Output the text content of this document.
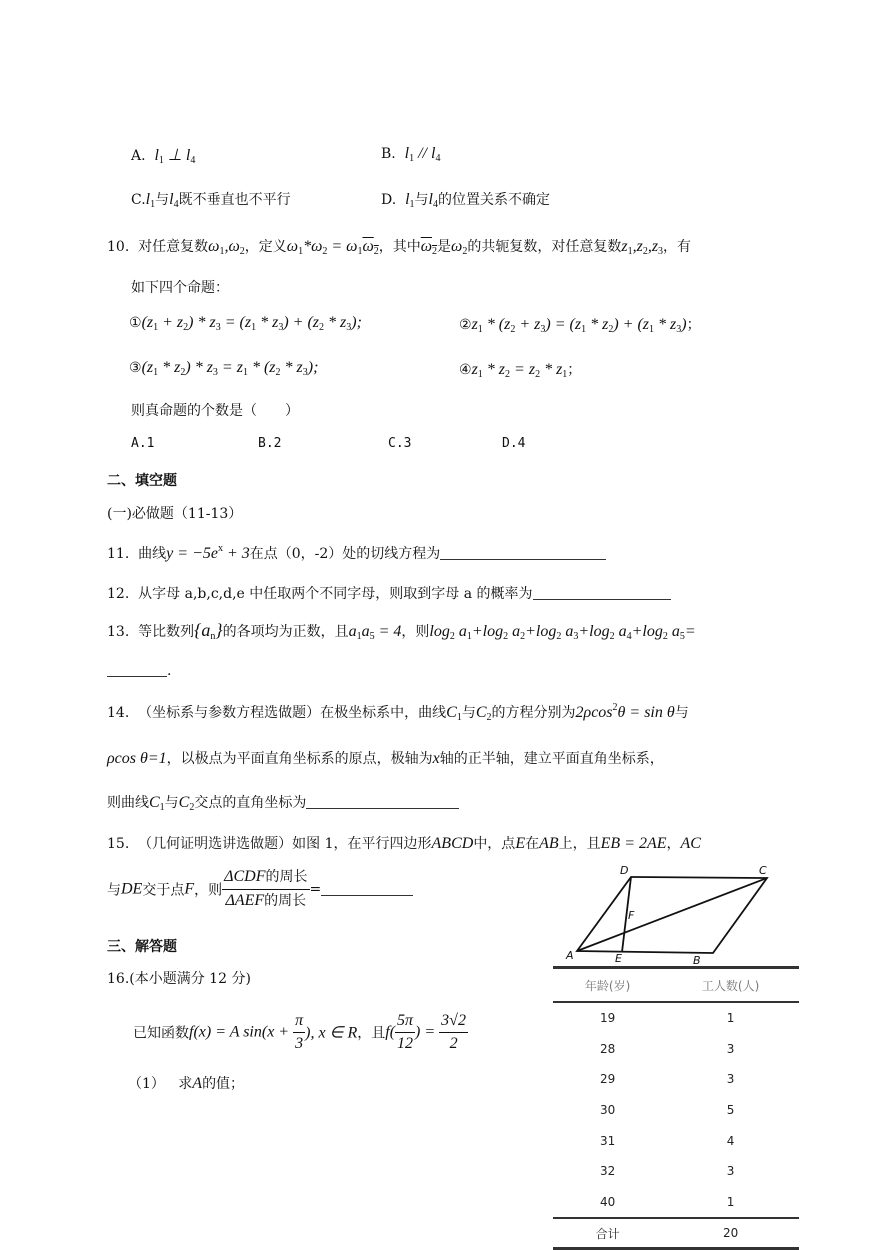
A. $l_1$ ⊥ $l_4$	B. $l_1 // l_4$
$C.l_1$与$l_4$既不垂直也不平行	D. $l_1$与$l_4$的位置关系不确定
10. 对任意复数$\omega_1,\omega_2$，定义$\omega_1*\omega_2 = \omega_1\omega_2$，其中$\omega_2$是$\omega_2$的共轭复数，对任意复数$z_1,z_2,z_3$，有
如下四个命题：
$①(z_1 + z_2) * z_3 = (z_1 * z_3) + (z_2 * z_3)$;	$②z_1 * (z_2 + z_3) = (z_1 * z_2) + (z_1 * z_3)$；
$③(z_1 * z_2) * z_3 = z_1 * (z_2 * z_3)$;	$④z_1 * z_2 = z_2 * z_1$；
则真命题的个数是（　　）
A.1	B.2	C.3	D.4
二、填空题
(一)必做题（11-13）
11. 曲线$y = -5e^x + 3$在点（0，-2）处的切线方程为
12. 从字母 a,b,c,d,e 中任取两个不同字母，则取到字母 a 的概率为
13. 等比数列$\{a_n\}$的各项均为正数，且$a_1a_5 = 4$，则$\log_2 a_1+\log_2$ $a_2+\log_2$ $a_3+\log_2$ $a_4+\log_2$ $a_5=$
.
14. （坐标系与参数方程选做题）在极坐标系中，曲线$C_1$与$C_2$的方程分别为2ρcos$^2$θ = sin θ与
ρcos θ=1，以极点为平面直角坐标系的原点，极轴为x轴的正半轴，建立平面直角坐标系，
则曲线$C_1$与$C_2$交点的直角坐标为
15. （几何证明选讲选做题）如图 1，在平行四边形ABCD中，点E在AB上，且EB = 2AE，AC
与DE交于点F，则 $\frac{\text{ΔCDF的周长}}{\text{ΔAEF的周长}}$ =
三、解答题
16.(本小题满分 12 分)
已知函数f(x) = A $\sin(x + \frac{\pi}{3}$ ), x ∈ R，且$f( \frac{5\pi}{12}$ ) = $\frac{3√2}{2}$
（1） 求A的值；
D	C
F
A	E	B
年龄(岁)	工人数(人)
19	1
28	3
29	3
30	5
31	4
32	3
40	1
合计	20
